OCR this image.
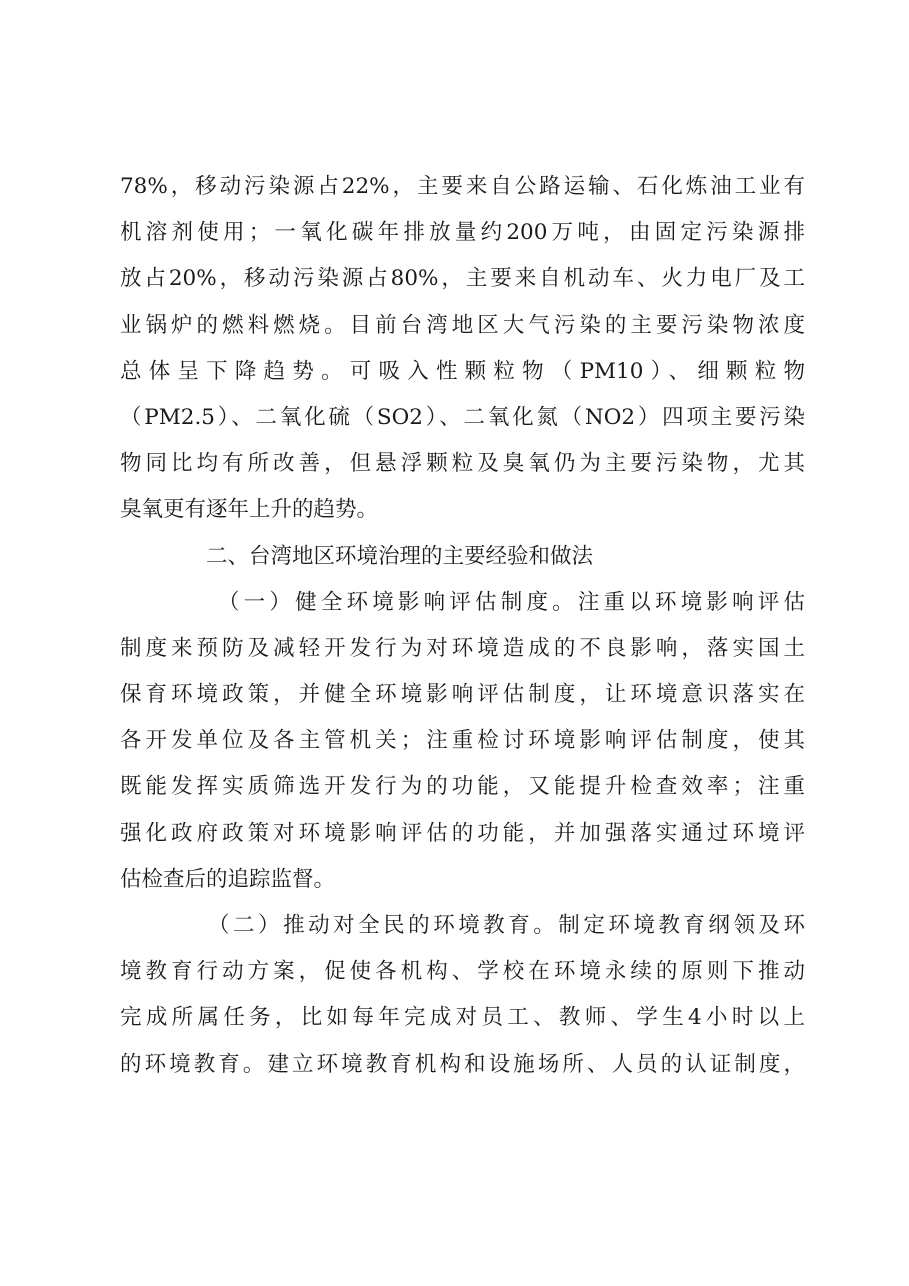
78%，移动污染源占22%，主要来自公路运输、石化炼油工业有
机溶剂使用；一氧化碳年排放量约200万吨，由固定污染源排
放占20%，移动污染源占80%，主要来自机动车、火力电厂及工
业锅炉的燃料燃烧。目前台湾地区大气污染的主要污染物浓度
总体呈下降趋势。可吸入性颗粒物（PM10）、细颗粒物
（PM2.5）、二氧化硫（SO2）、二氧化氮（NO2）四项主要污染
物同比均有所改善，但悬浮颗粒及臭氧仍为主要污染物，尤其
臭氧更有逐年上升的趋势。
二、台湾地区环境治理的主要经验和做法
（一）健全环境影响评估制度。注重以环境影响评估
制度来预防及减轻开发行为对环境造成的不良影响，落实国土
保育环境政策，并健全环境影响评估制度，让环境意识落实在
各开发单位及各主管机关；注重检讨环境影响评估制度，使其
既能发挥实质筛选开发行为的功能，又能提升检查效率；注重
强化政府政策对环境影响评估的功能，并加强落实通过环境评
估检查后的追踪监督。
（二）推动对全民的环境教育。制定环境教育纲领及环
境教育行动方案，促使各机构、学校在环境永续的原则下推动
完成所属任务，比如每年完成对员工、教师、学生4小时以上
的环境教育。建立环境教育机构和设施场所、人员的认证制度，
